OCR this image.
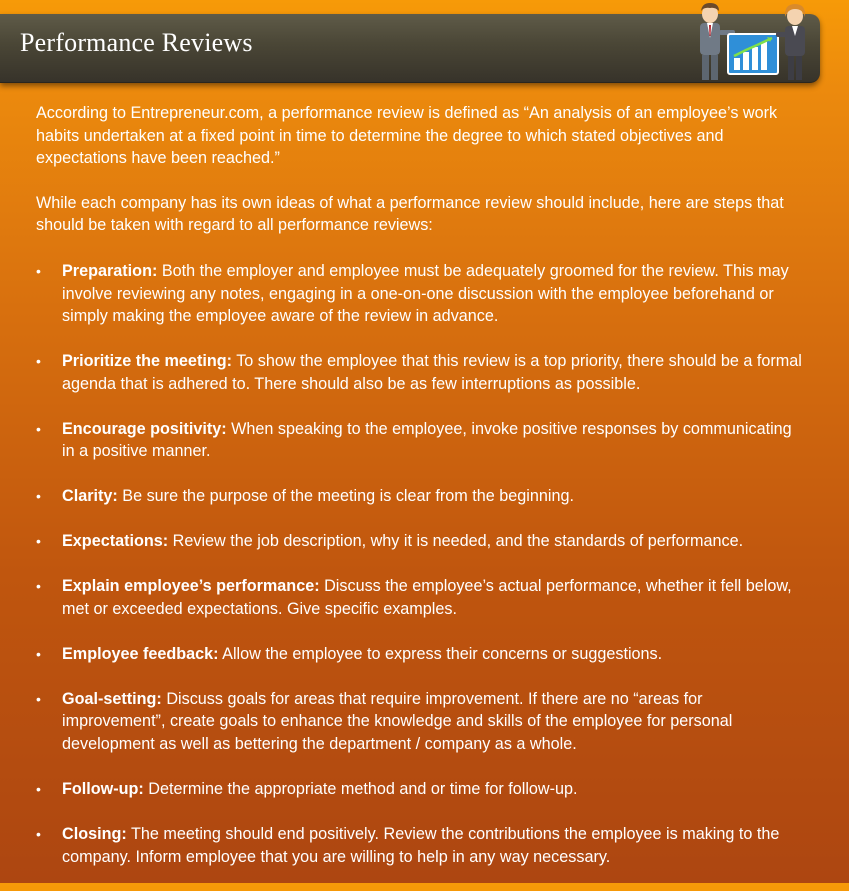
Performance Reviews

According to Entrepreneur.com, a performance review is defined as “An analysis of an employee’s work habits undertaken at a fixed point in time to determine the degree to which stated objectives and expectations have been reached.”

While each company has its own ideas of what a performance review should include, here are steps that should be taken with regard to all performance reviews:

• Preparation: Both the employer and employee must be adequately groomed for the review. This may involve reviewing any notes, engaging in a one-on-one discussion with the employee beforehand or simply making the employee aware of the review in advance.
• Prioritize the meeting: To show the employee that this review is a top priority, there should be a formal agenda that is adhered to. There should also be as few interruptions as possible.
• Encourage positivity: When speaking to the employee, invoke positive responses by communicating in a positive manner.
• Clarity: Be sure the purpose of the meeting is clear from the beginning.
• Expectations: Review the job description, why it is needed, and the standards of performance.
• Explain employee’s performance: Discuss the employee’s actual performance, whether it fell below, met or exceeded expectations. Give specific examples.
• Employee feedback: Allow the employee to express their concerns or suggestions.
• Goal-setting: Discuss goals for areas that require improvement. If there are no “areas for improvement”, create goals to enhance the knowledge and skills of the employee for personal development as well as bettering the department / company as a whole.
• Follow-up: Determine the appropriate method and or time for follow-up.
• Closing: The meeting should end positively. Review the contributions the employee is making to the company. Inform employee that you are willing to help in any way necessary.
